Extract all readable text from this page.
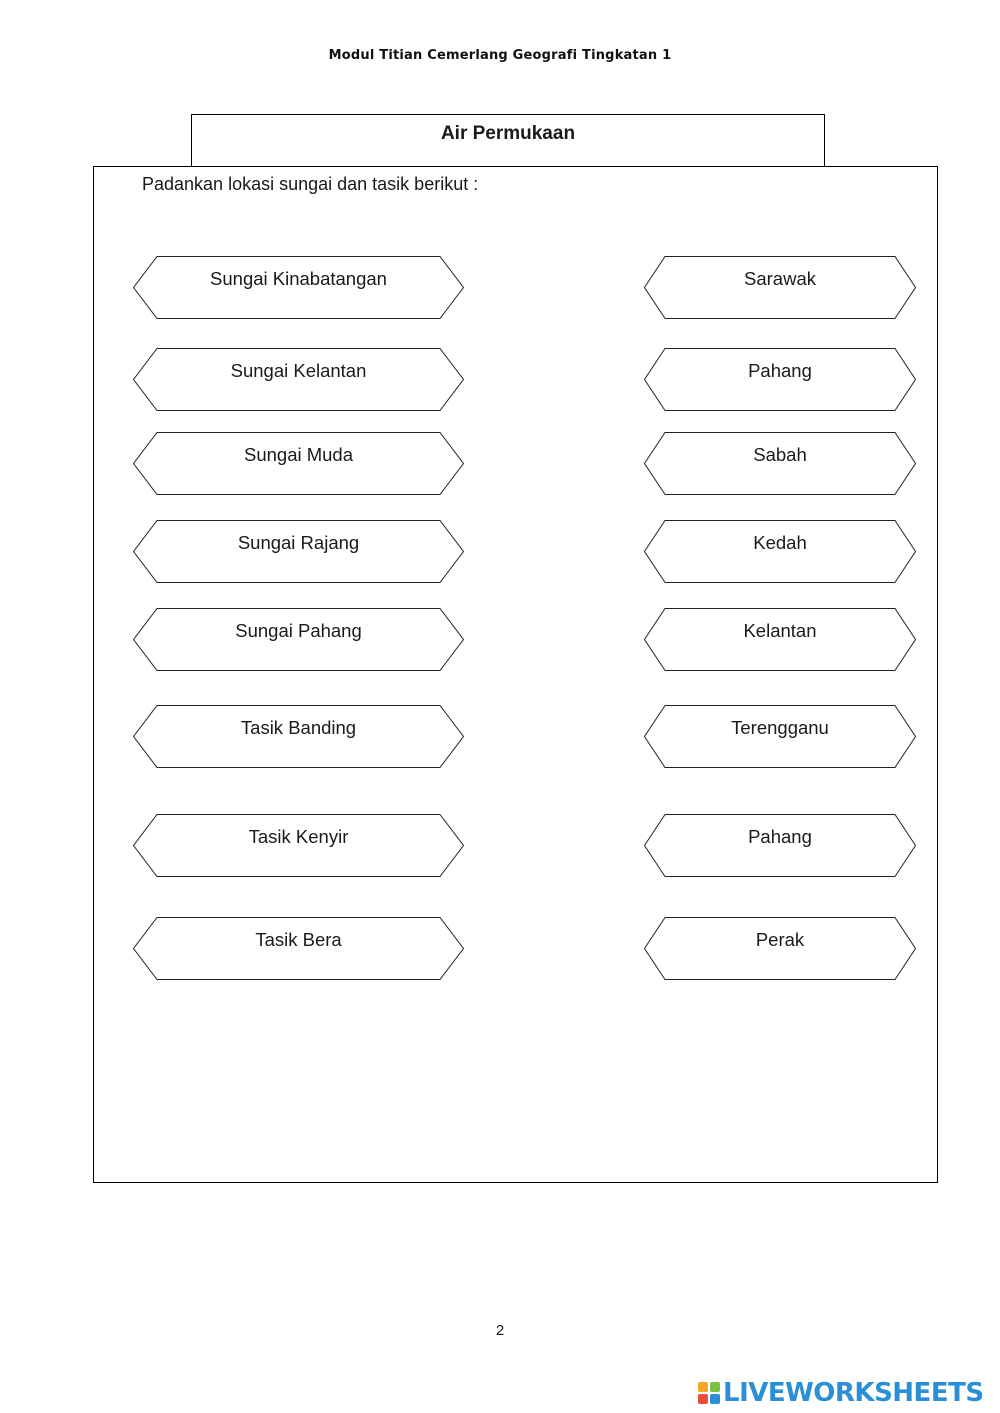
Modul Titian Cemerlang Geografi Tingkatan 1
Air Permukaan
Padankan lokasi sungai dan tasik berikut :
Sungai Kinabatangan
Sungai Kelantan
Sungai Muda
Sungai Rajang
Sungai Pahang
Tasik Banding
Tasik Kenyir
Tasik Bera
Sarawak
Pahang
Sabah
Kedah
Kelantan
Terengganu
Pahang
Perak
2
LIVEWORKSHEETS
